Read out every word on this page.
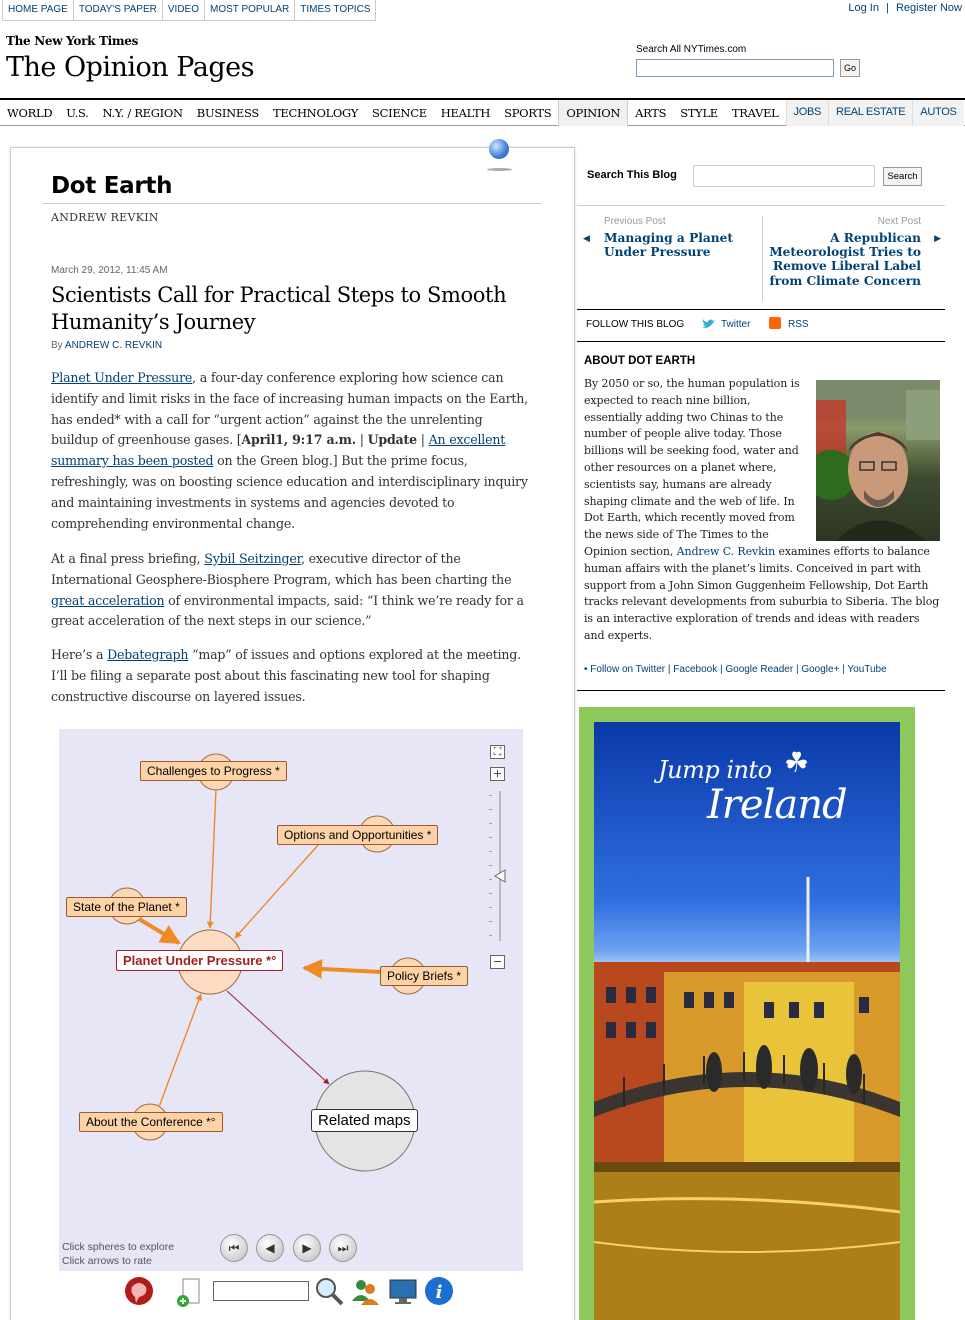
HOME PAGE	TODAY'S PAPER	VIDEO	MOST POPULAR	TIMES TOPICS	Log In | Register Now
The New York Times
The Opinion Pages
Search All NYTimes.com
Go
WORLD	U.S.	N.Y. / REGION	BUSINESS	TECHNOLOGY	SCIENCE	HEALTH	SPORTS	OPINION	ARTS	STYLE	TRAVEL	JOBS	REAL ESTATE	AUTOS
Dot Earth
ANDREW REVKIN
March 29, 2012, 11:45 AM
Scientists Call for Practical Steps to Smooth Humanity’s Journey
By ANDREW C. REVKIN
Planet Under Pressure, a four-day conference exploring how science can identify and limit risks in the face of increasing human impacts on the Earth, has ended* with a call for “urgent action” against the the unrelenting buildup of greenhouse gases. [April1, 9:17 a.m. | Update | An excellent summary has been posted on the Green blog.] But the prime focus, refreshingly, was on boosting science education and interdisciplinary inquiry and maintaining investments in systems and agencies devoted to comprehending environmental change.
At a final press briefing, Sybil Seitzinger, executive director of the International Geosphere-Biosphere Program, which has been charting the great acceleration of environmental impacts, said: “I think we’re ready for a great acceleration of the next steps in our science.”
Here’s a Debategraph “map” of issues and options explored at the meeting. I’ll be filing a separate post about this fascinating new tool for shaping constructive discourse on layered issues.
Challenges to Progress *
Options and Opportunities *
State of the Planet *
Planet Under Pressure *°
Policy Briefs *
About the Conference *°	Related maps
⛶
+
−
⏮	◀	▶	⏭
Click spheres to explore
Click arrows to rate
i
Search This Blog	Search
◀
Previous Post
Managing a Planet Under Pressure
Next Post
A Republican Meteorologist Tries to Remove Liberal Label from Climate Concern
▶
FOLLOW THIS BLOG	Twitter	RSS
ABOUT DOT EARTH
By 2050 or so, the human population is expected to reach nine billion, essentially adding two Chinas to the number of people alive today. Those billions will be seeking food, water and other resources on a planet where, scientists say, humans are already shaping climate and the web of life. In Dot Earth, which recently moved from the news side of The Times to the Opinion section, Andrew C. Revkin examines efforts to balance human affairs with the planet’s limits. Conceived in part with support from a John Simon Guggenheim Fellowship, Dot Earth tracks relevant developments from suburbia to Siberia. The blog is an interactive exploration of trends and ideas with readers and experts.
• Follow on Twitter | Facebook | Google Reader | Google+ | YouTube
☘
Jump into
Ireland
